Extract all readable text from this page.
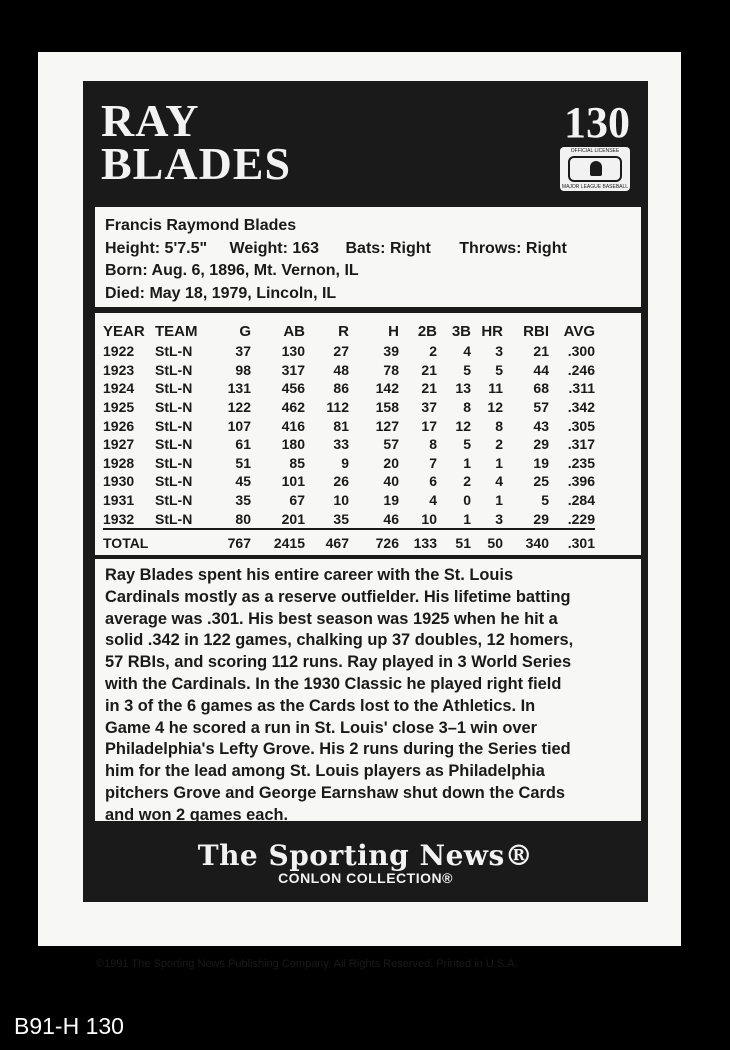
RAY
BLADES
130
OFFICIAL LICENSEE
MAJOR LEAGUE BASEBALL
Francis Raymond Blades
Height: 5'7.5" Weight: 163 Bats: Right Throws: Right
Born: Aug. 6, 1896, Mt. Vernon, IL
Died: May 18, 1979, Lincoln, IL
YEAR	TEAM	G	AB	R	H	2B	3B	HR	RBI	AVG
1922	StL-N	37	130	27	39	2	4	3	21	.300
1923	StL-N	98	317	48	78	21	5	5	44	.246
1924	StL-N	131	456	86	142	21	13	11	68	.311
1925	StL-N	122	462	112	158	37	8	12	57	.342
1926	StL-N	107	416	81	127	17	12	8	43	.305
1927	StL-N	61	180	33	57	8	5	2	29	.317
1928	StL-N	51	85	9	20	7	1	1	19	.235
1930	StL-N	45	101	26	40	6	2	4	25	.396
1931	StL-N	35	67	10	19	4	0	1	5	.284
1932	StL-N	80	201	35	46	10	1	3	29	.229
TOTAL		767	2415	467	726	133	51	50	340	.301
Ray Blades spent his entire career with the St. Louis
Cardinals mostly as a reserve outfielder. His lifetime batting
average was .301. His best season was 1925 when he hit a
solid .342 in 122 games, chalking up 37 doubles, 12 homers,
57 RBIs, and scoring 112 runs. Ray played in 3 World Series
with the Cardinals. In the 1930 Classic he played right field
in 3 of the 6 games as the Cards lost to the Athletics. In
Game 4 he scored a run in St. Louis' close 3–1 win over
Philadelphia's Lefty Grove. His 2 runs during the Series tied
him for the lead among St. Louis players as Philadelphia
pitchers Grove and George Earnshaw shut down the Cards
and won 2 games each.
The Sporting News®
CONLON COLLECTION®
©1991 The Sporting News Publishing Company. All Rights Reserved. Printed in U.S.A.
B91-H 130
